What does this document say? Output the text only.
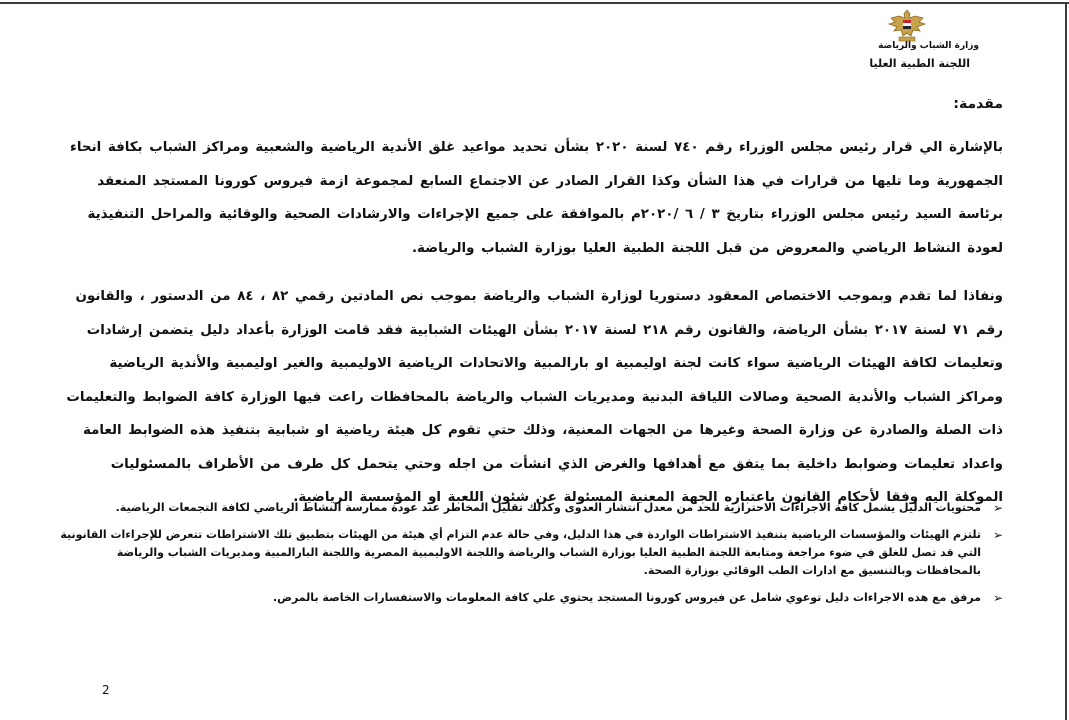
وزارة الشباب والرياضة
اللجنة الطبية العليا
مقدمة:

بالإشارة الي قرار رئيس مجلس الوزراء رقم ٧٤٠ لسنة ٢٠٢٠ بشأن تحديد مواعيد غلق الأندية الرياضية والشعبية ومراكز الشباب بكافة انحاء الجمهورية وما تليها من قرارات في هذا الشأن وكذا القرار الصادر عن الاجتماع السابع لمجموعة ازمة فيروس كورونا المستجد المنعقد برئاسة السيد رئيس مجلس الوزراء بتاريخ ٣ / ٦ /٢٠٢٠م بالموافقة على جميع الإجراءات والارشادات الصحية والوقائية والمراحل التنفيذية لعودة النشاط الرياضي والمعروض من قبل اللجنة الطبية العليا بوزارة الشباب والرياضة.

ونفاذا لما تقدم وبموجب الاختصاص المعقود دستوريا لوزارة الشباب والرياضة بموجب نص المادتين رقمي ٨٢ ، ٨٤ من الدستور ، والقانون رقم ٧١ لسنة ٢٠١٧ بشأن الرياضة، والقانون رقم ٢١٨ لسنة ٢٠١٧ بشأن الهيئات الشبابية فقد قامت الوزارة بأعداد دليل يتضمن إرشادات وتعليمات لكافة الهيئات الرياضية سواء كانت لجنة اوليمبية او بارالمبية والاتحادات الرياضية الاوليمبية والغير اوليمبية والأندية الرياضية ومراكز الشباب والأندية الصحية وصالات اللياقة البدنية ومديريات الشباب والرياضة بالمحافظات راعت فيها الوزارة كافة الضوابط والتعليمات ذات الصلة والصادرة عن وزارة الصحة وغيرها من الجهات المعنية، وذلك حتي تقوم كل هيئة رياضية او شبابية بتنفيذ هذه الضوابط العامة واعداد تعليمات وضوابط داخلية بما يتفق مع أهدافها والغرض الذي انشأت من اجله وحتي يتحمل كل طرف من الأطراف بالمسئوليات الموكلة اليه وفقا لأحكام القانون باعتباره الجهة المعنية المسئولة عن شئون اللعبة او المؤسسة الرياضية.

➢
محتويات الدليل يشمل كافة الاجراءات الاحترازية للحد من معدل انتشار العدوى وكذلك تقليل المخاطر عند عودة ممارسة النشاط الرياضي لكافة التجمعات الرياضية.
➢
تلتزم الهيئات والمؤسسات الرياضية بتنفيذ الاشتراطات الواردة في هذا الدليل، وفي حالة عدم التزام أي هيئة من الهيئات بتطبيق تلك الاشتراطات تتعرض للإجراءات القانونية التي قد تصل للغلق في ضوء مراجعة ومتابعة اللجنة الطبية العليا بوزارة الشباب والرياضة واللجنة الاوليمبية المصرية واللجنة البارالمبية ومديريات الشباب والرياضة بالمحافظات وبالتنسيق مع ادارات الطب الوقائي بوزارة الصحة.
➢
مرفق مع هذه الاجراءات دليل توعوي شامل عن فيروس كورونا المستجد يحتوي علي كافة المعلومات والاستفسارات الخاصة بالمرض.
2
